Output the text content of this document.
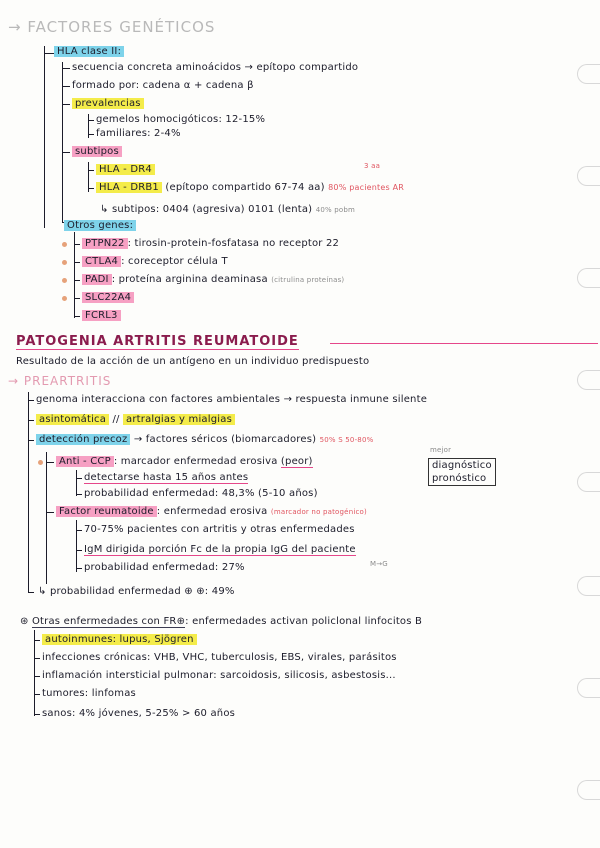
→ FACTORES GENÉTICOS
HLA clase II:
secuencia concreta aminoácidos → epítopo compartido
formado por: cadena α + cadena β
prevalencias
gemelos homocigóticos: 12-15%
familiares: 2-4%
subtipos
3 aa
HLA - DR4
HLA - DRB1 (epítopo compartido 67-74 aa) 80% pacientes AR
↳ subtipos: 0404 (agresiva) 0101 (lenta) 40% pobm
Otros genes:
PTPN22 : tirosin-protein-fosfatasa no receptor 22
CTLA4 : coreceptor célula T
PADI : proteína arginina deaminasa (citrulina proteínas)
SLC22A4
FCRL3
PATOGENIA ARTRITIS REUMATOIDE
Resultado de la acción de un antígeno en un individuo predispuesto
→ PREARTRITIS
genoma interacciona con factores ambientales → respuesta inmune silente
asintomática // artralgias y mialgias
detección precoz → factores séricos (biomarcadores) 50% S 50-80%
mejor
Anti - CCP : marcador enfermedad erosiva (peor)	diagnóstico
pronóstico
detectarse hasta 15 años antes
probabilidad enfermedad: 48,3% (5-10 años)
Factor reumatoide : enfermedad erosiva (marcador no patogénico)
70-75% pacientes con artritis y otras enfermedades
IgM dirigida porción Fc de la propia IgG del paciente
M→G
probabilidad enfermedad: 27%
↳ probabilidad enfermedad ⊕ ⊕: 49%
⊛ Otras enfermedades con FR⊕: enfermedades activan policlonal linfocitos B
autoinmunes: lupus, Sjögren
infecciones crónicas: VHB, VHC, tuberculosis, EBS, virales, parásitos
inflamación intersticial pulmonar: sarcoidosis, silicosis, asbestosis...
tumores: linfomas
sanos: 4% jóvenes, 5-25% > 60 años
